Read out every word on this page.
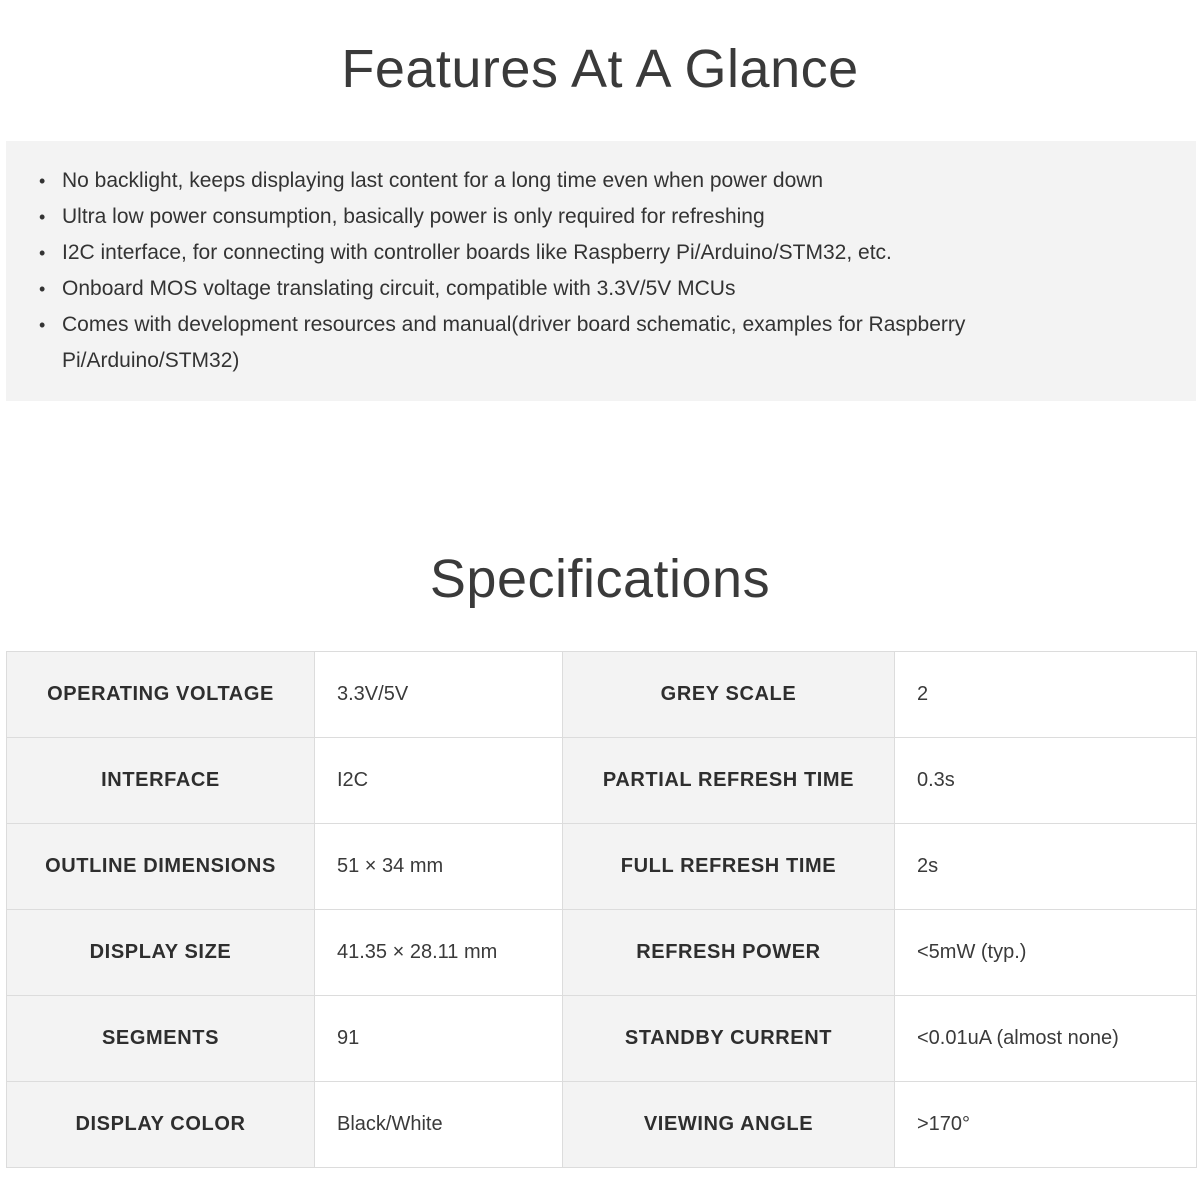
Features At A Glance
• No backlight, keeps displaying last content for a long time even when power down
• Ultra low power consumption, basically power is only required for refreshing
• I2C interface, for connecting with controller boards like Raspberry Pi/Arduino/STM32, etc.
• Onboard MOS voltage translating circuit, compatible with 3.3V/5V MCUs
• Comes with development resources and manual(driver board schematic, examples for Raspberry Pi/Arduino/STM32)
Specifications
OPERATING VOLTAGE	3.3V/5V	GREY SCALE	2
INTERFACE	I2C	PARTIAL REFRESH TIME	0.3s
OUTLINE DIMENSIONS	51 × 34 mm	FULL REFRESH TIME	2s
DISPLAY SIZE	41.35 × 28.11 mm	REFRESH POWER	<5mW (typ.)
SEGMENTS	91	STANDBY CURRENT	<0.01uA (almost none)
DISPLAY COLOR	Black/White	VIEWING ANGLE	>170°
